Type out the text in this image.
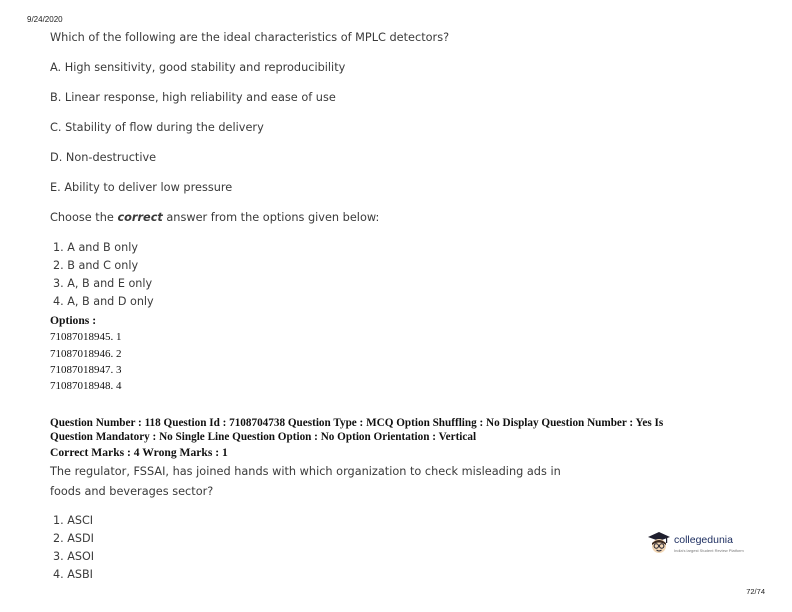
9/24/2020
Which of the following are the ideal characteristics of MPLC detectors?
A. High sensitivity, good stability and reproducibility
B. Linear response, high reliability and ease of use
C. Stability of flow during the delivery
D. Non-destructive
E. Ability to deliver low pressure
Choose the correct answer from the options given below:
1. A and B only
2. B and C only
3. A, B and E only
4. A, B and D only
Options :
71087018945. 1
71087018946. 2
71087018947. 3
71087018948. 4
Question Number : 118 Question Id : 7108704738 Question Type : MCQ Option Shuffling : No Display Question Number : Yes Is
Question Mandatory : No Single Line Question Option : No Option Orientation : Vertical
Correct Marks : 4 Wrong Marks : 1
The regulator, FSSAI, has joined hands with which organization to check misleading ads in
foods and beverages sector?
1. ASCI
2. ASDI
3. ASOI
4. ASBI
collegedunia
India's largest Student Review Platform
72/74
